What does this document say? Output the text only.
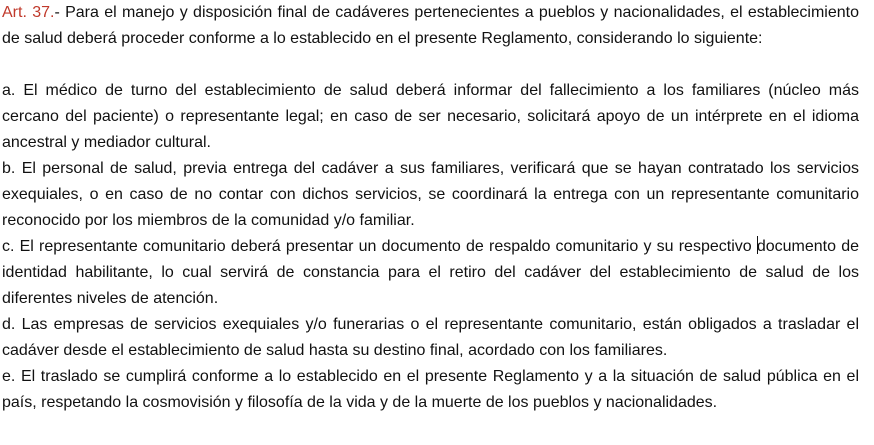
Art. 37.- Para el manejo y disposición final de cadáveres pertenecientes a pueblos y nacionalidades, el establecimiento de salud deberá proceder conforme a lo establecido en el presente Reglamento, considerando lo siguiente:

a. El médico de turno del establecimiento de salud deberá informar del fallecimiento a los familiares (núcleo más cercano del paciente) o representante legal; en caso de ser necesario, solicitará apoyo de un intérprete en el idioma ancestral y mediador cultural.

b. El personal de salud, previa entrega del cadáver a sus familiares, verificará que se hayan contratado los servicios exequiales, o en caso de no contar con dichos servicios, se coordinará la entrega con un representante comunitario reconocido por los miembros de la comunidad y/o familiar.

c. El representante comunitario deberá presentar un documento de respaldo comunitario y su respectivo documento de identidad habilitante, lo cual servirá de constancia para el retiro del cadáver del establecimiento de salud de los diferentes niveles de atención.

d. Las empresas de servicios exequiales y/o funerarias o el representante comunitario, están obligados a trasladar el cadáver desde el establecimiento de salud hasta su destino final, acordado con los familiares.

e. El traslado se cumplirá conforme a lo establecido en el presente Reglamento y a la situación de salud pública en el país, respetando la cosmovisión y filosofía de la vida y de la muerte de los pueblos y nacionalidades.
